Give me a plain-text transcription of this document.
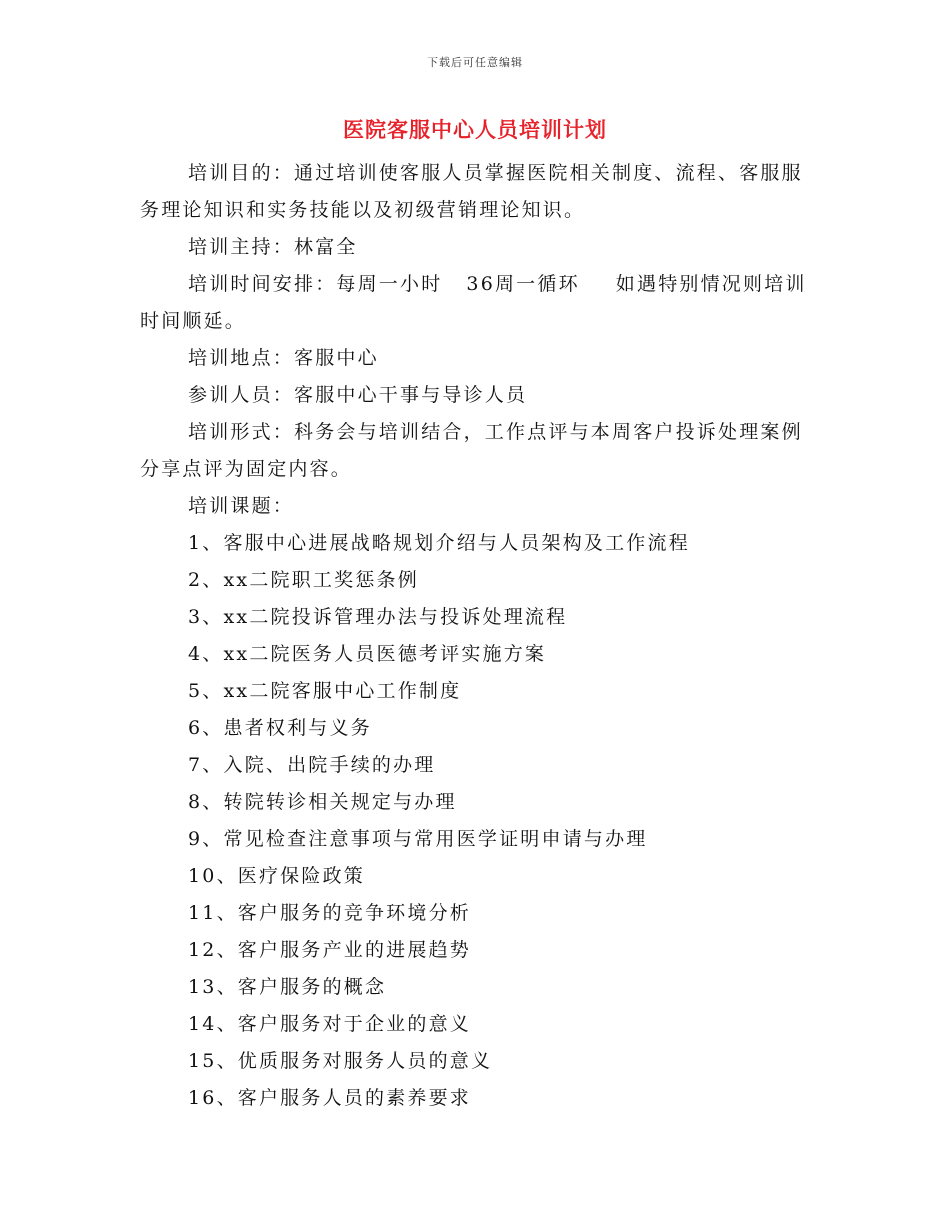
下载后可任意编辑
医院客服中心人员培训计划

培训目的：通过培训使客服人员掌握医院相关制度、流程、客服服务理论知识和实务技能以及初级营销理论知识。

培训主持：林富全

培训时间安排：每周一小时 36周一循环 如遇特别情况则培训时间顺延。

培训地点：客服中心

参训人员：客服中心干事与导诊人员

培训形式：科务会与培训结合，工作点评与本周客户投诉处理案例分享点评为固定内容。

培训课题：

1、客服中心进展战略规划介绍与人员架构及工作流程
2、xx二院职工奖惩条例
3、xx二院投诉管理办法与投诉处理流程
4、xx二院医务人员医德考评实施方案
5、xx二院客服中心工作制度
6、患者权利与义务
7、入院、出院手续的办理
8、转院转诊相关规定与办理
9、常见检查注意事项与常用医学证明申请与办理
10、医疗保险政策
11、客户服务的竞争环境分析
12、客户服务产业的进展趋势
13、客户服务的概念
14、客户服务对于企业的意义
15、优质服务对服务人员的意义
16、客户服务人员的素养要求
